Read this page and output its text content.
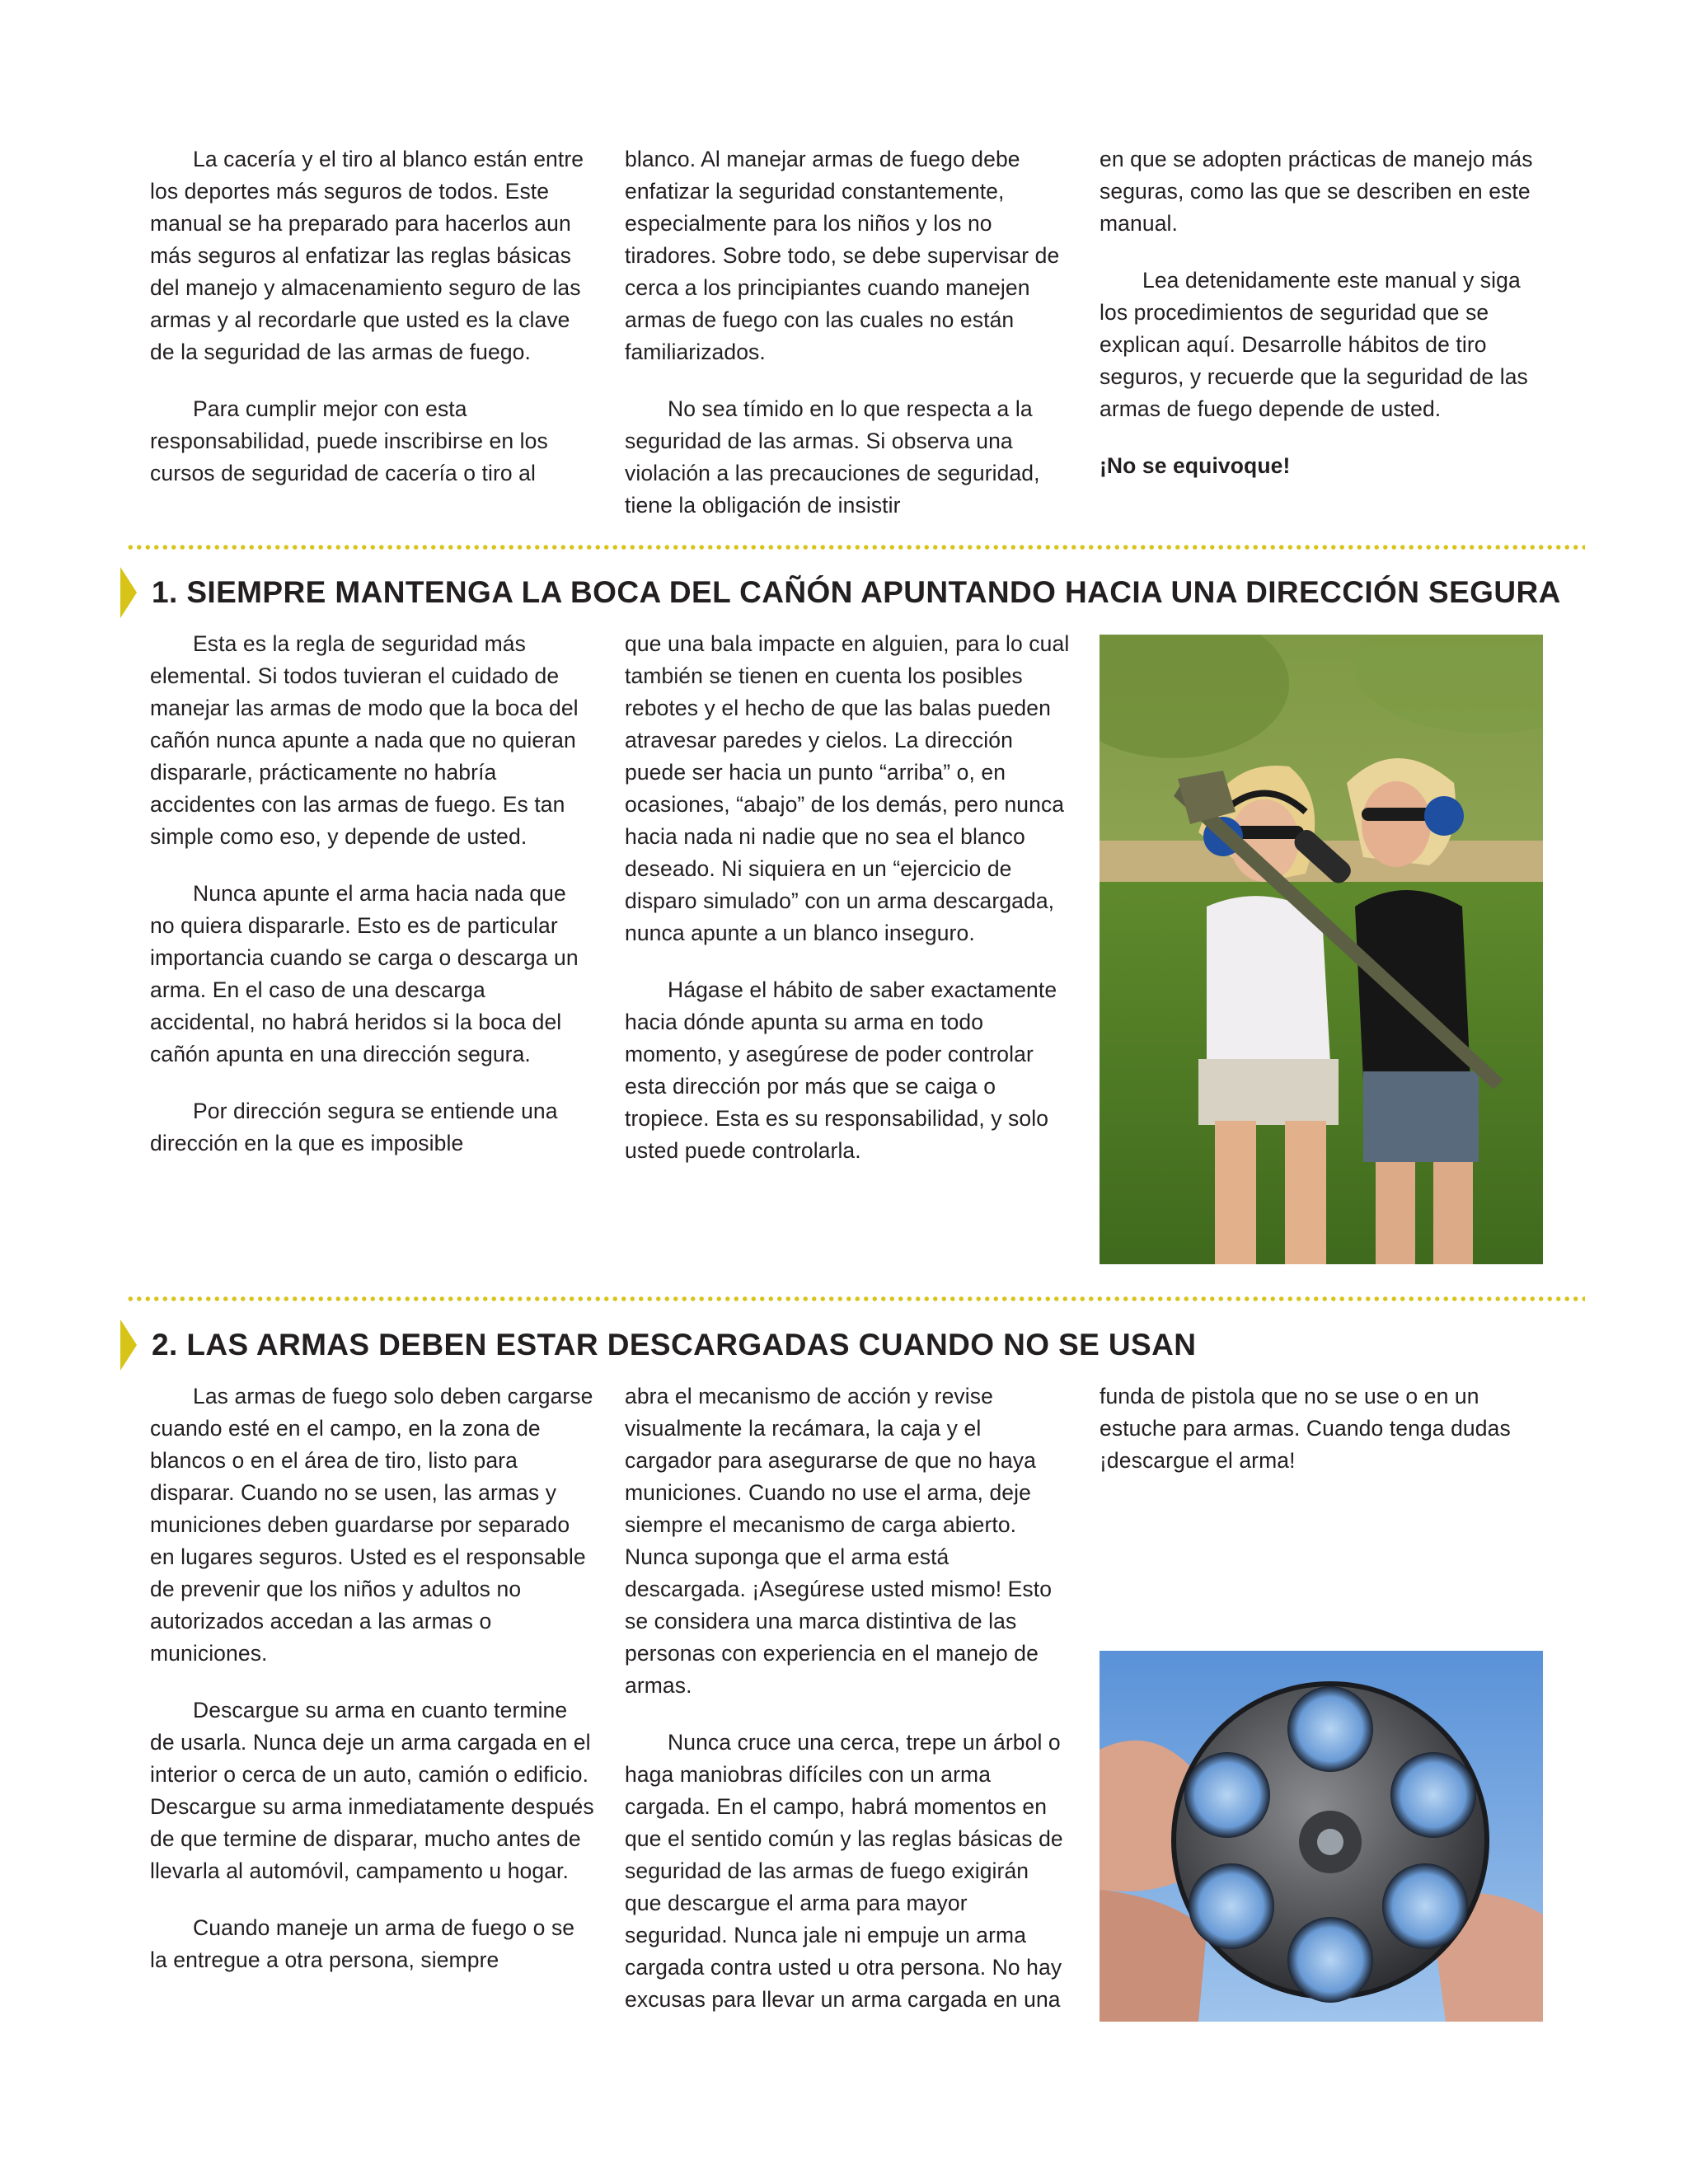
La cacería y el tiro al blanco están entre los deportes más seguros de todos. Este manual se ha preparado para hacerlos aun más seguros al enfatizar las reglas básicas del manejo y almacenamiento seguro de las armas y al recordarle que usted es la clave de la seguridad de las armas de fuego.

Para cumplir mejor con esta responsabilidad, puede inscribirse en los cursos de seguridad de cacería o tiro al

blanco. Al manejar armas de fuego debe enfatizar la seguridad constantemente, especialmente para los niños y los no tiradores. Sobre todo, se debe supervisar de cerca a los principiantes cuando manejen armas de fuego con las cuales no están familiarizados.

No sea tímido en lo que respecta a la seguridad de las armas. Si observa una violación a las precauciones de seguridad, tiene la obligación de insistir

en que se adopten prácticas de manejo más seguras, como las que se describen en este manual.

Lea detenidamente este manual y siga los procedimientos de seguridad que se explican aquí. Desarrolle hábitos de tiro seguros, y recuerde que la seguridad de las armas de fuego depende de usted.

¡No se equivoque!

1. SIEMPRE MANTENGA LA BOCA DEL CAÑÓN APUNTANDO HACIA UNA DIRECCIÓN SEGURA

Esta es la regla de seguridad más elemental. Si todos tuvieran el cuidado de manejar las armas de modo que la boca del cañón nunca apunte a nada que no quieran dispararle, prácticamente no habría accidentes con las armas de fuego. Es tan simple como eso, y depende de usted.

Nunca apunte el arma hacia nada que no quiera dispararle. Esto es de particular importancia cuando se carga o descarga un arma. En el caso de una descarga accidental, no habrá heridos si la boca del cañón apunta en una dirección segura.

Por dirección segura se entiende una dirección en la que es imposible

que una bala impacte en alguien, para lo cual también se tienen en cuenta los posibles rebotes y el hecho de que las balas pueden atravesar paredes y cielos. La dirección puede ser hacia un punto “arriba” o, en ocasiones, “abajo” de los demás, pero nunca hacia nada ni nadie que no sea el blanco deseado. Ni siquiera en un “ejercicio de disparo simulado” con un arma descargada, nunca apunte a un blanco inseguro.

Hágase el hábito de saber exactamente hacia dónde apunta su arma en todo momento, y asegúrese de poder controlar esta dirección por más que se caiga o tropiece. Esta es su responsabilidad, y solo usted puede controlarla.

2. LAS ARMAS DEBEN ESTAR DESCARGADAS CUANDO NO SE USAN

Las armas de fuego solo deben cargarse cuando esté en el campo, en la zona de blancos o en el área de tiro, listo para disparar. Cuando no se usen, las armas y municiones deben guardarse por separado en lugares seguros. Usted es el responsable de prevenir que los niños y adultos no autorizados accedan a las armas o municiones.

Descargue su arma en cuanto termine de usarla. Nunca deje un arma cargada en el interior o cerca de un auto, camión o edificio. Descargue su arma inmediatamente después de que termine de disparar, mucho antes de llevarla al automóvil, campamento u hogar.

Cuando maneje un arma de fuego o se la entregue a otra persona, siempre

abra el mecanismo de acción y revise visualmente la recámara, la caja y el cargador para asegurarse de que no haya municiones. Cuando no use el arma, deje siempre el mecanismo de carga abierto. Nunca suponga que el arma está descargada. ¡Asegúrese usted mismo! Esto se considera una marca distintiva de las personas con experiencia en el manejo de armas.

Nunca cruce una cerca, trepe un árbol o haga maniobras difíciles con un arma cargada. En el campo, habrá momentos en que el sentido común y las reglas básicas de seguridad de las armas de fuego exigirán que descargue el arma para mayor seguridad. Nunca jale ni empuje un arma cargada contra usted u otra persona. No hay excusas para llevar un arma cargada en una

funda de pistola que no se use o en un estuche para armas. Cuando tenga dudas ¡descargue el arma!
